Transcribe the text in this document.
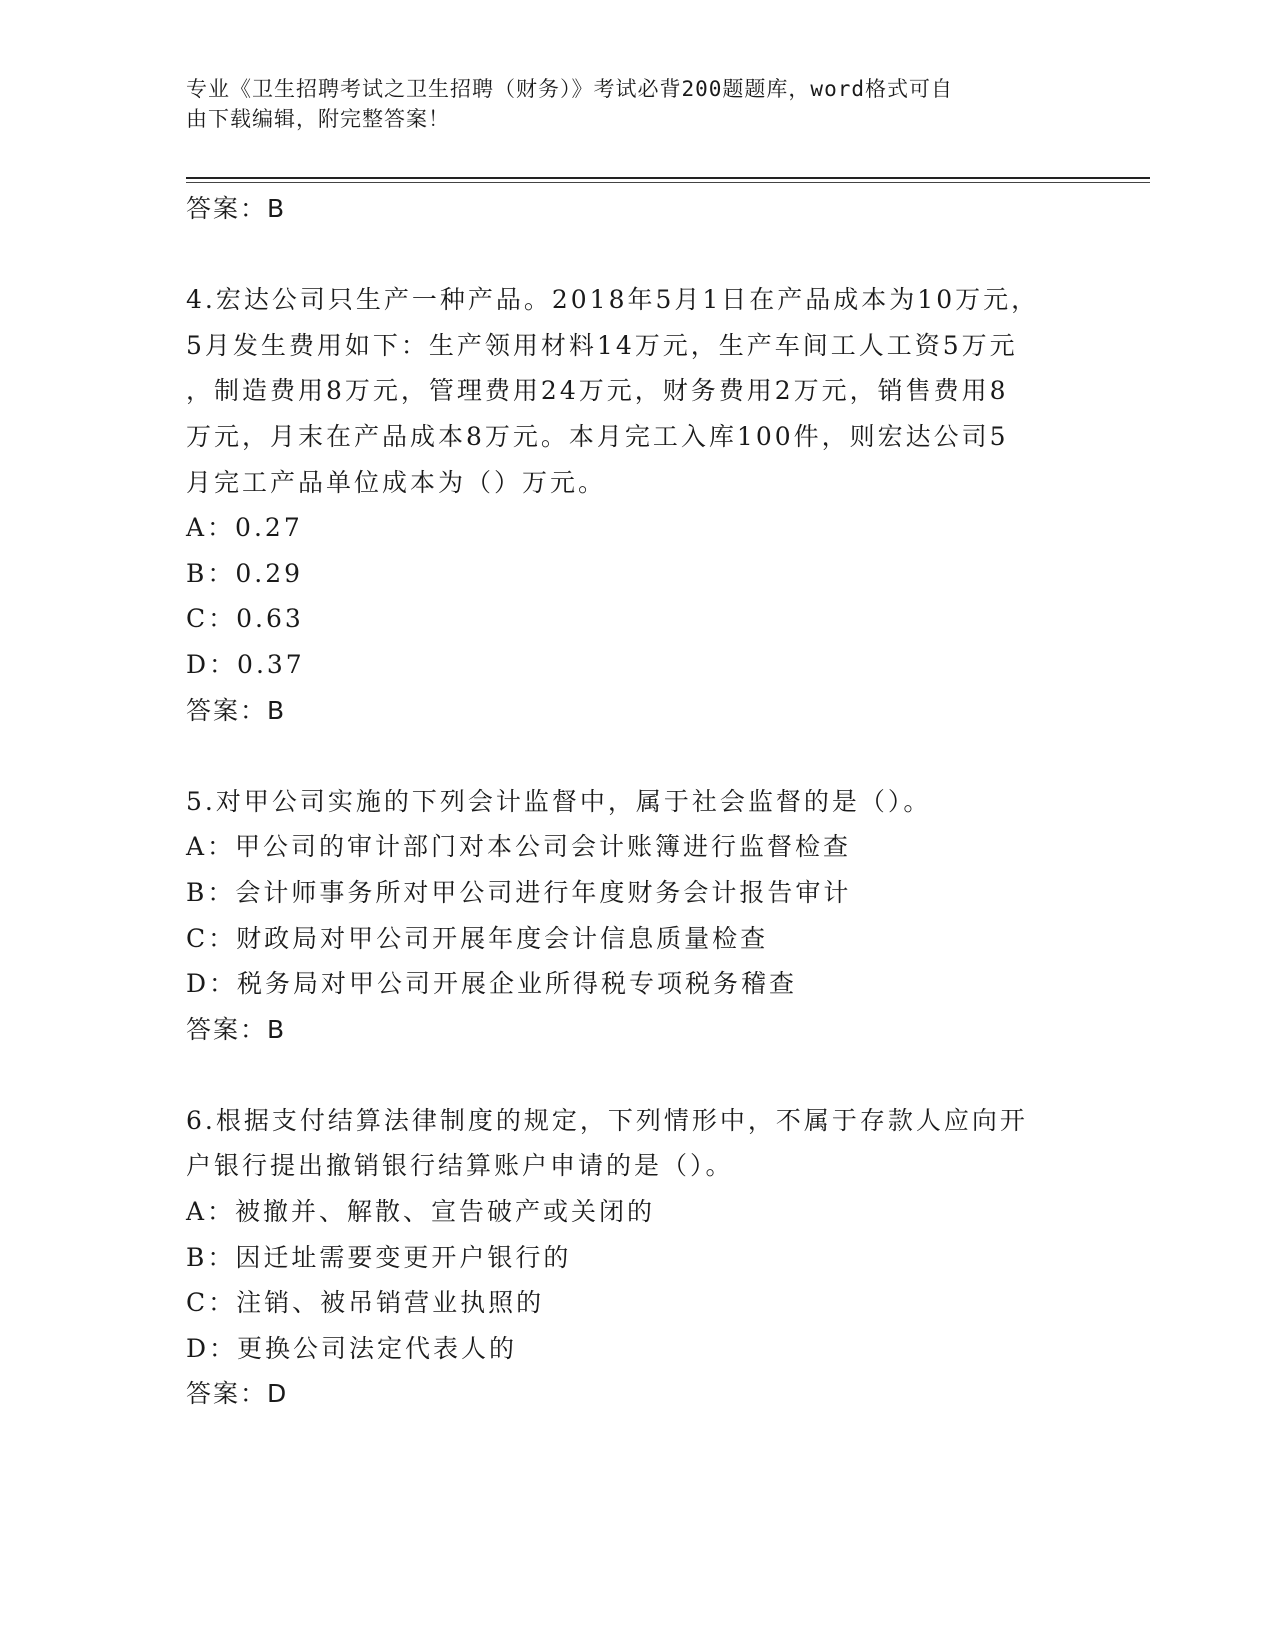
专业《卫生招聘考试之卫生招聘（财务）》考试必背200题题库，word格式可自
由下载编辑，附完整答案！
答案：B
4.宏达公司只生产一种产品。2018年5月1日在产品成本为10万元，
5月发生费用如下：生产领用材料14万元，生产车间工人工资5万元
，制造费用8万元，管理费用24万元，财务费用2万元，销售费用8
万元，月末在产品成本8万元。本月完工入库100件，则宏达公司5
月完工产品单位成本为（）万元。
A：0.27
B：0.29
C：0.63
D：0.37
答案：B
5.对甲公司实施的下列会计监督中，属于社会监督的是（）。
A：甲公司的审计部门对本公司会计账簿进行监督检查
B：会计师事务所对甲公司进行年度财务会计报告审计
C：财政局对甲公司开展年度会计信息质量检查
D：税务局对甲公司开展企业所得税专项税务稽查
答案：B
6.根据支付结算法律制度的规定，下列情形中，不属于存款人应向开
户银行提出撤销银行结算账户申请的是（）。
A：被撤并、解散、宣告破产或关闭的
B：因迁址需要变更开户银行的
C：注销、被吊销营业执照的
D：更换公司法定代表人的
答案：D
